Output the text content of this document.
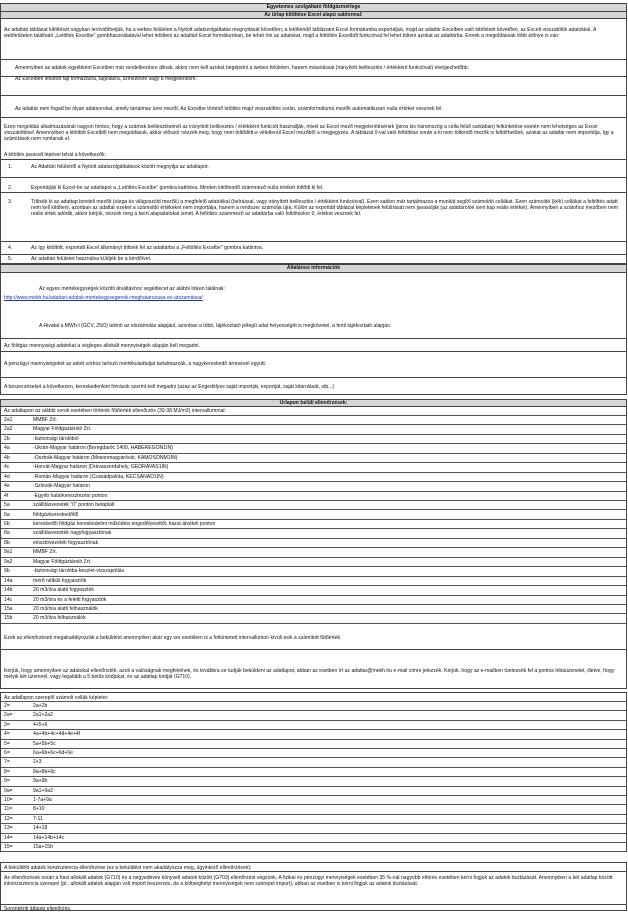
Egyetemes szolgáltató földgázmérlege
Az űrlap kitöltése Excel alapú sablonnal:
Az adattári táblázat kitöltését nagyban lerövidíthetjük, ha a webes felületen a Nyitott adatszolgáltatás megnyitását követően, a letöltendő táblázatot Excel formátumba exportáljuk, majd az adattár Excelben való kitöltését követően, az Excelt visszatöltik adatokkal. A webfelületen található „Letöltés Excelbe” gombhasználatával lehet letölteni az adattárt Excel formátumban, be lehet írni az adatokat, majd a feltöltés Excelből funkcióval fel lehet tölteni azokat az adattárba. Ennek a megoldásnak több előnye is van:
· Amennyiben az adatok egyébként Excelben már rendelkezésre állnak, akkor nem kell azokat begépelni a webes felületen, hanem másolással (irányított beillesztés / értékként funkcióval) elvégezhetőbb.
· Az Excelben letöltött fájl formázásra, tagolásra, színezésre vagy a megjelenésre.
· Az adattár nem fogad be olyan adatsorokat, amely tartalmaz üres mezőt. Az Excelbe történő letöltés majd visszatöltés során, számformátumú mezők automatikusan nulla értéket vesznek fel.
Ezen megoldás alkalmazásánál nagyon fontos, hogy a számok beillesztésénél az irányított beillesztés / értékként funkciót használják, mivel az Excel mező megjelenítésének (piros kis háromszög a cella felső sarkában) feltüntetése esetén nem lehetséges az Excel visszatöltése! Amennyiben a kitöltött Excelből nem megoldásuk, akkor először nézzék meg, hogy nem töltődött-e véletlenül Excel mezőből a megjegyzés. A táblázat 0-val való feltöltése során a ki nem töltendő mezők is feltölthetőek, azokat az adattár nem importálja, így a számítások nem romlanak el.
A kitöltés javasolt lépései tehát a következők:
1.	Az Adattári felületről a Nyitott adatszolgáltatások között megnyitja az adatlapot.
2.	Exportálják ki Excel-be az adatlapot a „Letöltés Excelbe” gombra kattintva. Minden kitöltendő számmező nulla értéket töltődi ki fel.
3.	Töltsék ki az adattap beviteli mezőit (sárga és világoszöld mezők) a megfelelő adatokkal (beírással, vagy irányított beillesztés / értékként funkcióval). Ezen sablon már tartalmazza a munkát segítő számoldó cellákat. Ezen számoldó (kék) cellákat a feltöltés adatt nem kell kitölteni, azonban az adattár ezeket a számoldó értékeket nem importálja, hanem a rendszer számolja újra. Külön az exportált táblázat képletének felülírását nem javasolják (az adattárolóé sem kap reális értéket). Amennyiben a számhoz mezőben nem reális érték adódik, akkor kérjük, nézzék meg a beírt alapadatokat ismét. A feltöltés számmező az adattárba való feltöltéskor 0, értéket vesznek fel.
4.	Az így kitöltött, exportált Excel állományt töltsék fel az adattárba a „Feltöltés Excelbe” gombra kattintva.
5.	Az adattári felületet használva küldjék be a kérdőívet.
Általános információk
Az egyes mértékegységek közötti átváltáshoz segédlecet az alábbi linken találnak:
http://www.mekh.hu/adattari-adatok-mertekegysegenek-meghatarozasa-es-atszamitasa/
A Hivatal a MWh-t (GCV, 25/0) tekinti az elszámolás alapjául, azonban a több, tájékoztató jellegű adat helyességét is megkövetel, a fenti tájékoztató alapján.
Az földgáz mennyiségi adatokat a végleges allokált mennyiségek alapján kell megadni.
A pénzügyi mennyiségeket az adott sorhoz tartozó mértékuladtaljat tartalmazzák, a nagykereskedő árrésével együtt.
A beszerzéseket a következen, kereskedenkint források szerint kell megadni (azaz az Engedélyes saját importját, exportját, saját kitárolását, stb...)
Űrlapon belüli ellenőrzések:
Az adatlapon az alábbi sorok esetében történik fűtőérték ellenőrzés (30-38 MJ/m3) intervallummal:
2a1	MMBF Zrt.
2a2	Magyar Földgáztároló Zrt.
2b	-biztonsági tárolóból
4a	-Ukrán-Magyar határon (Beregdaróc 1400, HABEREGON1IN)
4b	-Osztrák-Magyar határon (Mosonmagyaróvár, KAMOSONM1IN)
4c	-Horvát-Magyar határon (Drávaszerdahely, GEORAVAS1IN)
4d	-Román-Magyar határon (Csanádpalota, KECSANAD1IN)
4e	-Szlovák-Magyar határon
4f	-Egyéb határkeresztezési ponton
5a	szállításvezeték "0" ponton betáplált
6a	földgázkereskedőtől
6b	kereskedői földgáz kereskedelmi működési engedélyesétől, hazai átvételi ponton
8a	szállításvezeték nagyfogyasztónak
8b	elosztóvezeték fogyasztónak
9a1	MMBF Zrt.
9a2	Magyar Földgáztároló Zrt.
9b	-biztonsági tárolóba keszlet-visszapótlás
14a	mérő nélküli fogyasztók
14b	20 m3/óra alatti fogyasztók
14c	20 m3/óra és a feletti fogyasztók
15a	20 m3/óra alatti felhasználók
15b	20 m3/óra felhasználók
Ezek az ellenőrzések megakadályozzák a beküldést amennyiben akár egy sor esetében is a feltüntetett intervallumon kívüli esik a számított fűtőérték.
Kérjük, hogy amennyiben az adatokat ellenőrizték, azok a valóságnak megfelelnek, és továbbra se tudják beküldeni az adatlapot, abban az esetben írt az adattar@mekh.hu e-mail címre jelezzék. Kérjük, hogy az e-mailben tüntessék fel a pontos hibaüzenetet, illetve, hogy melyik két üzemnél, vagy legalább a 5 betűs kódjukat, és az adatlap kódját (G710).
Az adatlapon szereplő számolt cellák képletei:
2=	2a+2b
2a=	2a1+2a2
3=	4+5+6
4=	4a+4b+4c+4d+4e+4f
5=	5a+5b+5c
6=	6a+6b+6c+6d+6e
7=	2+3
8=	8a+8b+8c
9=	9a+9b
9a=	9a1+9a2
10=	1-7a+9a
11=	8+10
12=	7-11
13=	14+18
14=	14a+14b+14c
15=	15a+15b
A beküldött adatok konzisztencia ellenőrzése (ez a beküldést nem akadályozza meg, úgyintéző ellenőrzések):
Az ellenőrzések során a havi allokált adatok (G710) és a negyedéves könyvelt adatok között (G703) ellenőrzést végzünk. A fizikai és pénzügyi mennyiségek esetében 35 %-nál nagyobb eltérés esetében kérni fogjuk az adatok tisztázását. Amennyiben a két adatlap között inkonzisztencia szerepel (pl.: allokált adatok alapján volt import beszerzés, de a költséghelyi mennyiségek nem szerepel import), abban az esetben is kérni fogjuk az adatok tisztázását.
Soronkénti átlagár ellenőrzés.
